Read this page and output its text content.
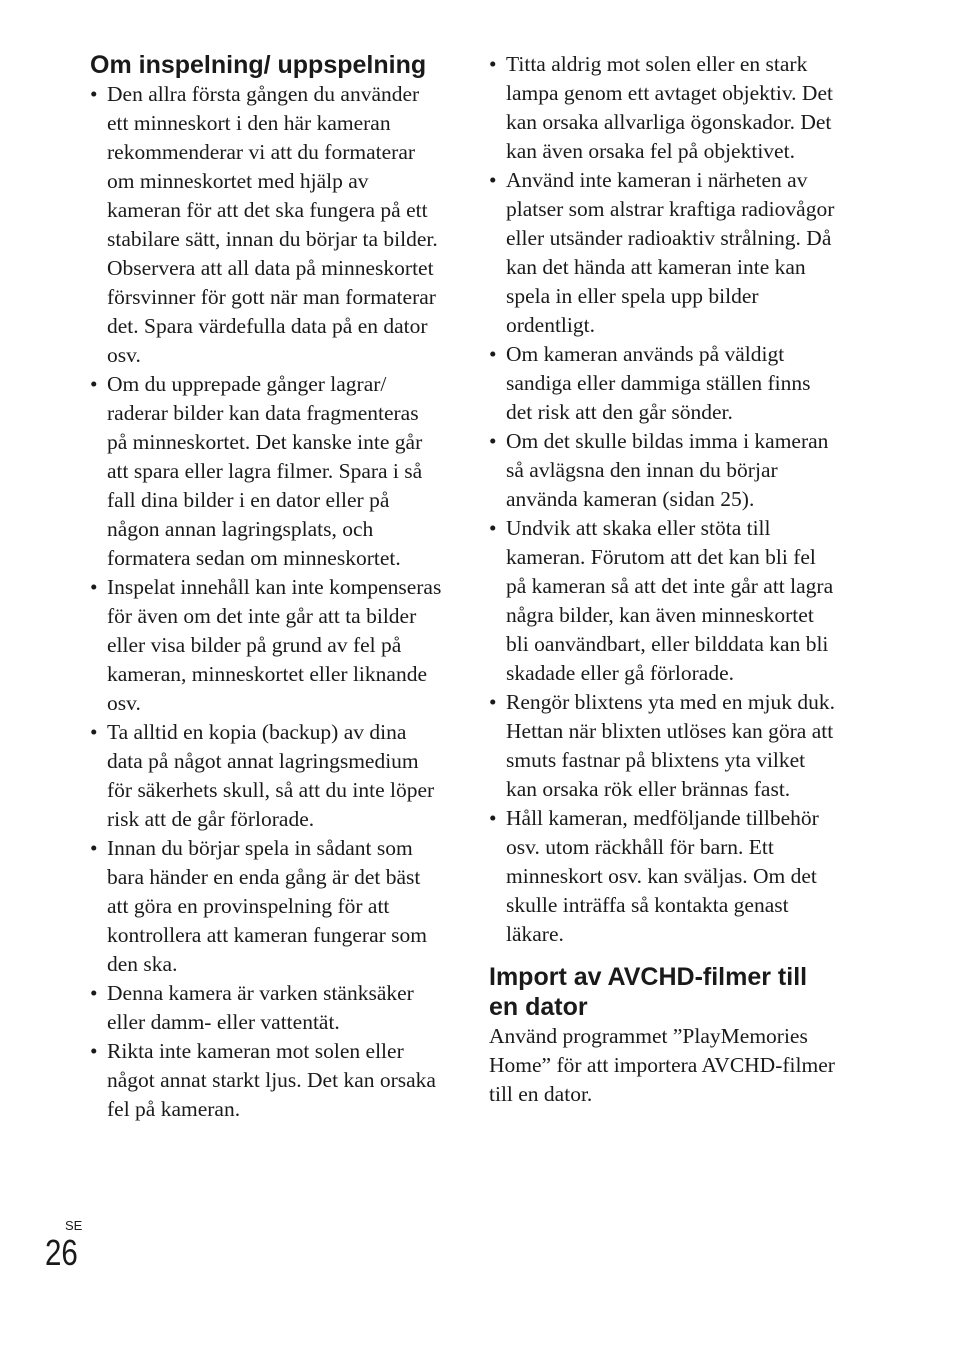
Om inspelning/ uppspelning
• Den allra första gången du använder ett minneskort i den här kameran rekommenderar vi att du formaterar om minneskortet med hjälp av kameran för att det ska fungera på ett stabilare sätt, innan du börjar ta bilder. Observera att all data på minneskortet försvinner för gott när man formaterar det. Spara värdefulla data på en dator osv.
• Om du upprepade gånger lagrar/ raderar bilder kan data fragmenteras på minneskortet. Det kanske inte går att spara eller lagra filmer. Spara i så fall dina bilder i en dator eller på någon annan lagringsplats, och formatera sedan om minneskortet.
• Inspelat innehåll kan inte kompenseras för även om det inte går att ta bilder eller visa bilder på grund av fel på kameran, minneskortet eller liknande osv.
• Ta alltid en kopia (backup) av dina data på något annat lagringsmedium för säkerhets skull, så att du inte löper risk att de går förlorade.
• Innan du börjar spela in sådant som bara händer en enda gång är det bäst att göra en provinspelning för att kontrollera att kameran fungerar som den ska.
• Denna kamera är varken stänksäker eller damm- eller vattentät.
• Rikta inte kameran mot solen eller något annat starkt ljus. Det kan orsaka fel på kameran.
• Titta aldrig mot solen eller en stark lampa genom ett avtaget objektiv. Det kan orsaka allvarliga ögonskador. Det kan även orsaka fel på objektivet.
• Använd inte kameran i närheten av platser som alstrar kraftiga radiovågor eller utsänder radioaktiv strålning. Då kan det hända att kameran inte kan spela in eller spela upp bilder ordentligt.
• Om kameran används på väldigt sandiga eller dammiga ställen finns det risk att den går sönder.
• Om det skulle bildas imma i kameran så avlägsna den innan du börjar använda kameran (sidan 25).
• Undvik att skaka eller stöta till kameran. Förutom att det kan bli fel på kameran så att det inte går att lagra några bilder, kan även minneskortet bli oanvändbart, eller bilddata kan bli skadade eller gå förlorade.
• Rengör blixtens yta med en mjuk duk. Hettan när blixten utlöses kan göra att smuts fastnar på blixtens yta vilket kan orsaka rök eller brännas fast.
• Håll kameran, medföljande tillbehör osv. utom räckhåll för barn. Ett minneskort osv. kan sväljas. Om det skulle inträffa så kontakta genast läkare.
Import av AVCHD-filmer till en dator

Använd programmet ”PlayMemories Home” för att importera AVCHD-filmer till en dator.

SE
26
